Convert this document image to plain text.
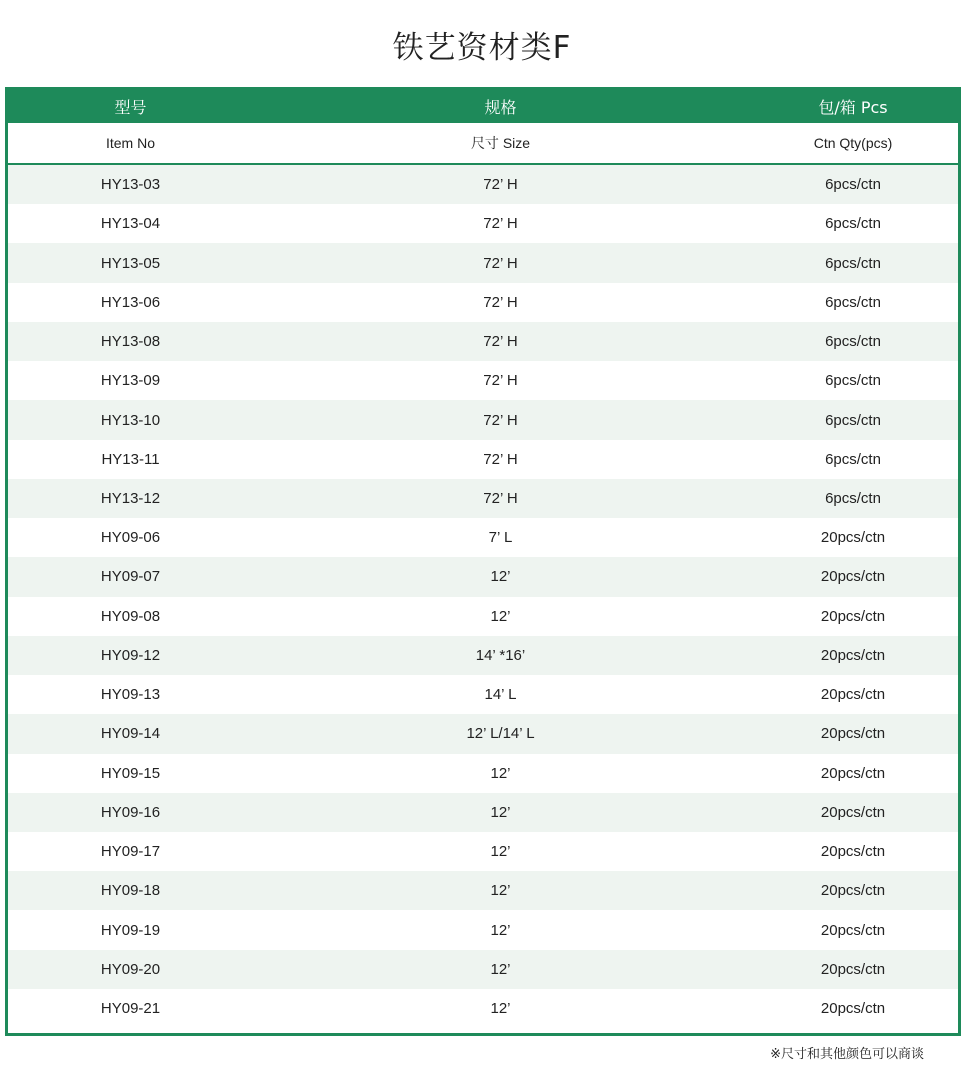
铁艺资材类F
型号	规格	包/箱 Pcs
Item No	尺寸 Size	Ctn Qty(pcs)
HY13-03	72’ H	6pcs/ctn
HY13-04	72’ H	6pcs/ctn
HY13-05	72’ H	6pcs/ctn
HY13-06	72’ H	6pcs/ctn
HY13-08	72’ H	6pcs/ctn
HY13-09	72’ H	6pcs/ctn
HY13-10	72’ H	6pcs/ctn
HY13-11	72’ H	6pcs/ctn
HY13-12	72’ H	6pcs/ctn
HY09-06	7’ L	20pcs/ctn
HY09-07	12’	20pcs/ctn
HY09-08	12’	20pcs/ctn
HY09-12	14’ *16’	20pcs/ctn
HY09-13	14’ L	20pcs/ctn
HY09-14	12’ L/14’ L	20pcs/ctn
HY09-15	12’	20pcs/ctn
HY09-16	12’	20pcs/ctn
HY09-17	12’	20pcs/ctn
HY09-18	12’	20pcs/ctn
HY09-19	12’	20pcs/ctn
HY09-20	12’	20pcs/ctn
HY09-21	12’	20pcs/ctn
※尺寸和其他颜色可以商谈
